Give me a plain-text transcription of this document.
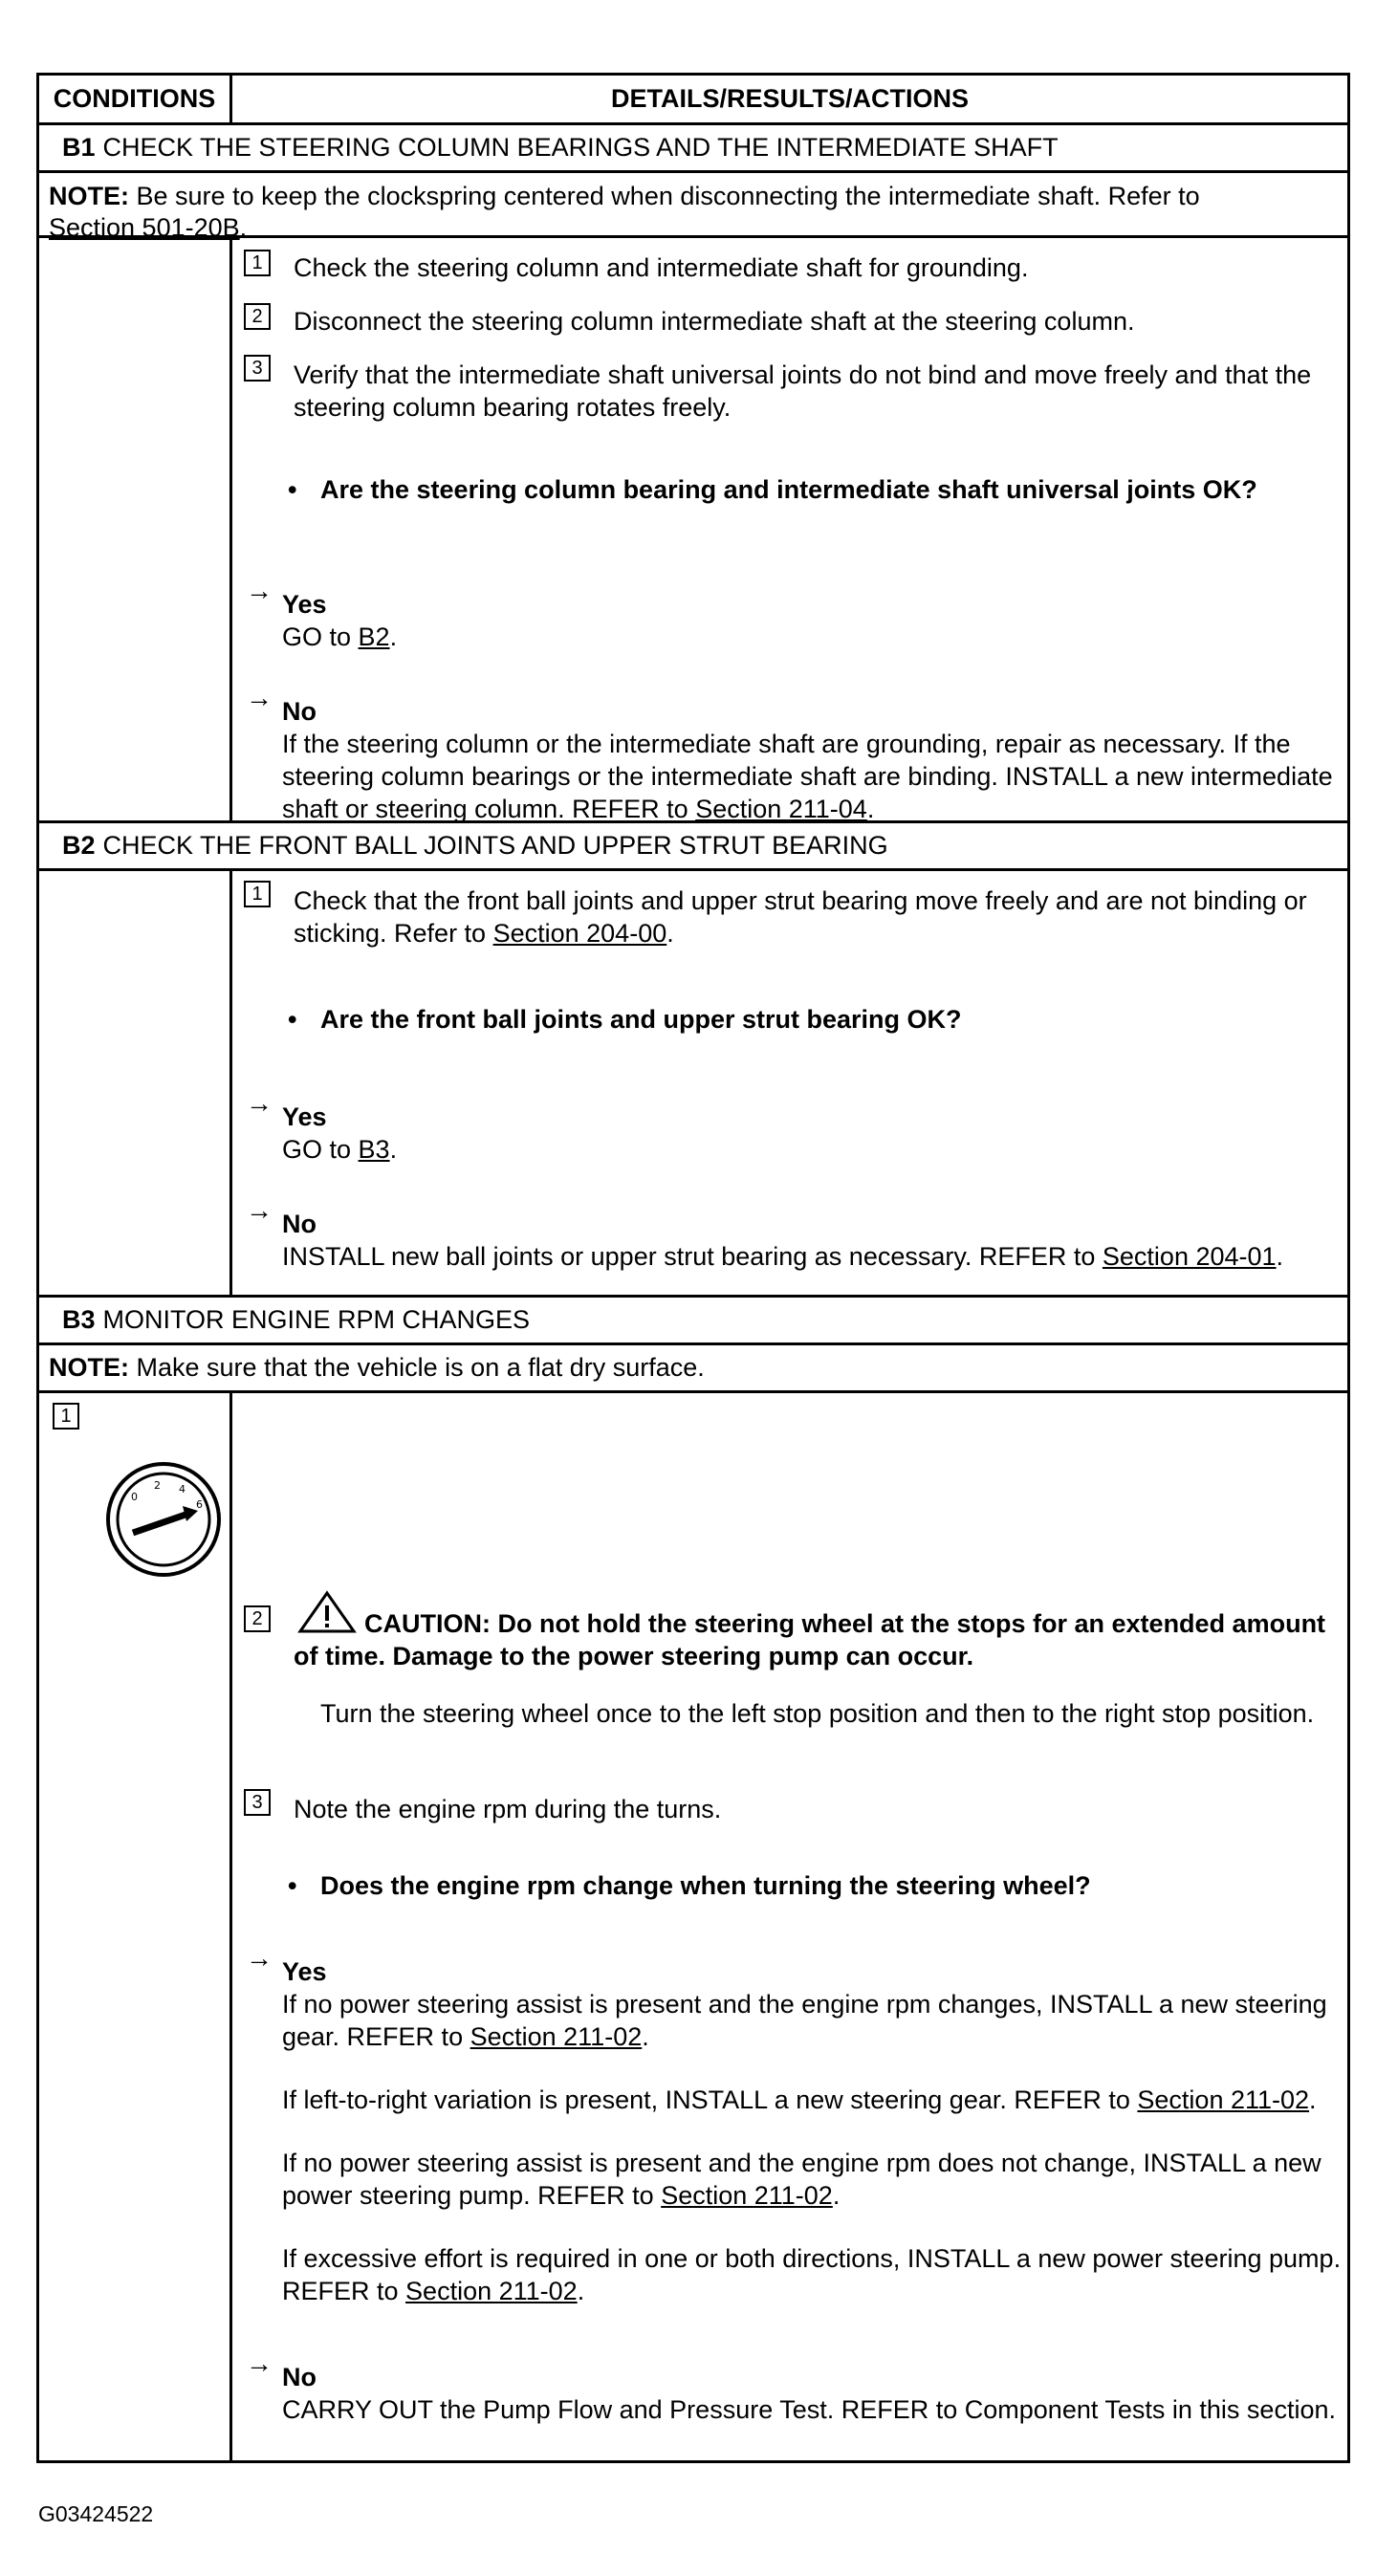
CONDITIONS	DETAILS/RESULTS/ACTIONS
B1 CHECK THE STEERING COLUMN BEARINGS AND THE INTERMEDIATE SHAFT
NOTE: Be sure to keep the clockspring centered when disconnecting the intermediate shaft. Refer to
Section 501-20B.
1	Check the steering column and intermediate shaft for grounding.
2	Disconnect the steering column intermediate shaft at the steering column.
3	Verify that the intermediate shaft universal joints do not bind and move freely and that the steering column bearing rotates freely.
• Are the steering column bearing and intermediate shaft universal joints OK?
→ Yes
GO to B2.
→ No
If the steering column or the intermediate shaft are grounding, repair as necessary. If the steering column bearings or the intermediate shaft are binding. INSTALL a new intermediate shaft or steering column. REFER to Section 211-04.
B2 CHECK THE FRONT BALL JOINTS AND UPPER STRUT BEARING
1	Check that the front ball joints and upper strut bearing move freely and are not binding or sticking. Refer to Section 204-00.
• Are the front ball joints and upper strut bearing OK?
→ Yes
GO to B3.
→ No
INSTALL new ball joints or upper strut bearing as necessary. REFER to Section 204-01.
B3 MONITOR ENGINE RPM CHANGES
NOTE: Make sure that the vehicle is on a flat dry surface.
1
0
2 4
6
2	CAUTION: Do not hold the steering wheel at the stops for an extended amount of time. Damage to the power steering pump can occur.
Turn the steering wheel once to the left stop position and then to the right stop position.
3	Note the engine rpm during the turns.
• Does the engine rpm change when turning the steering wheel?
→ Yes

If no power steering assist is present and the engine rpm changes, INSTALL a new steering gear. REFER to Section 211-02.

If left-to-right variation is present, INSTALL a new steering gear. REFER to Section 211-02.

If no power steering assist is present and the engine rpm does not change, INSTALL a new power steering pump. REFER to Section 211-02.

If excessive effort is required in one or both directions, INSTALL a new power steering pump. REFER to Section 211-02.

→ No
CARRY OUT the Pump Flow and Pressure Test. REFER to Component Tests in this section.
G03424522
